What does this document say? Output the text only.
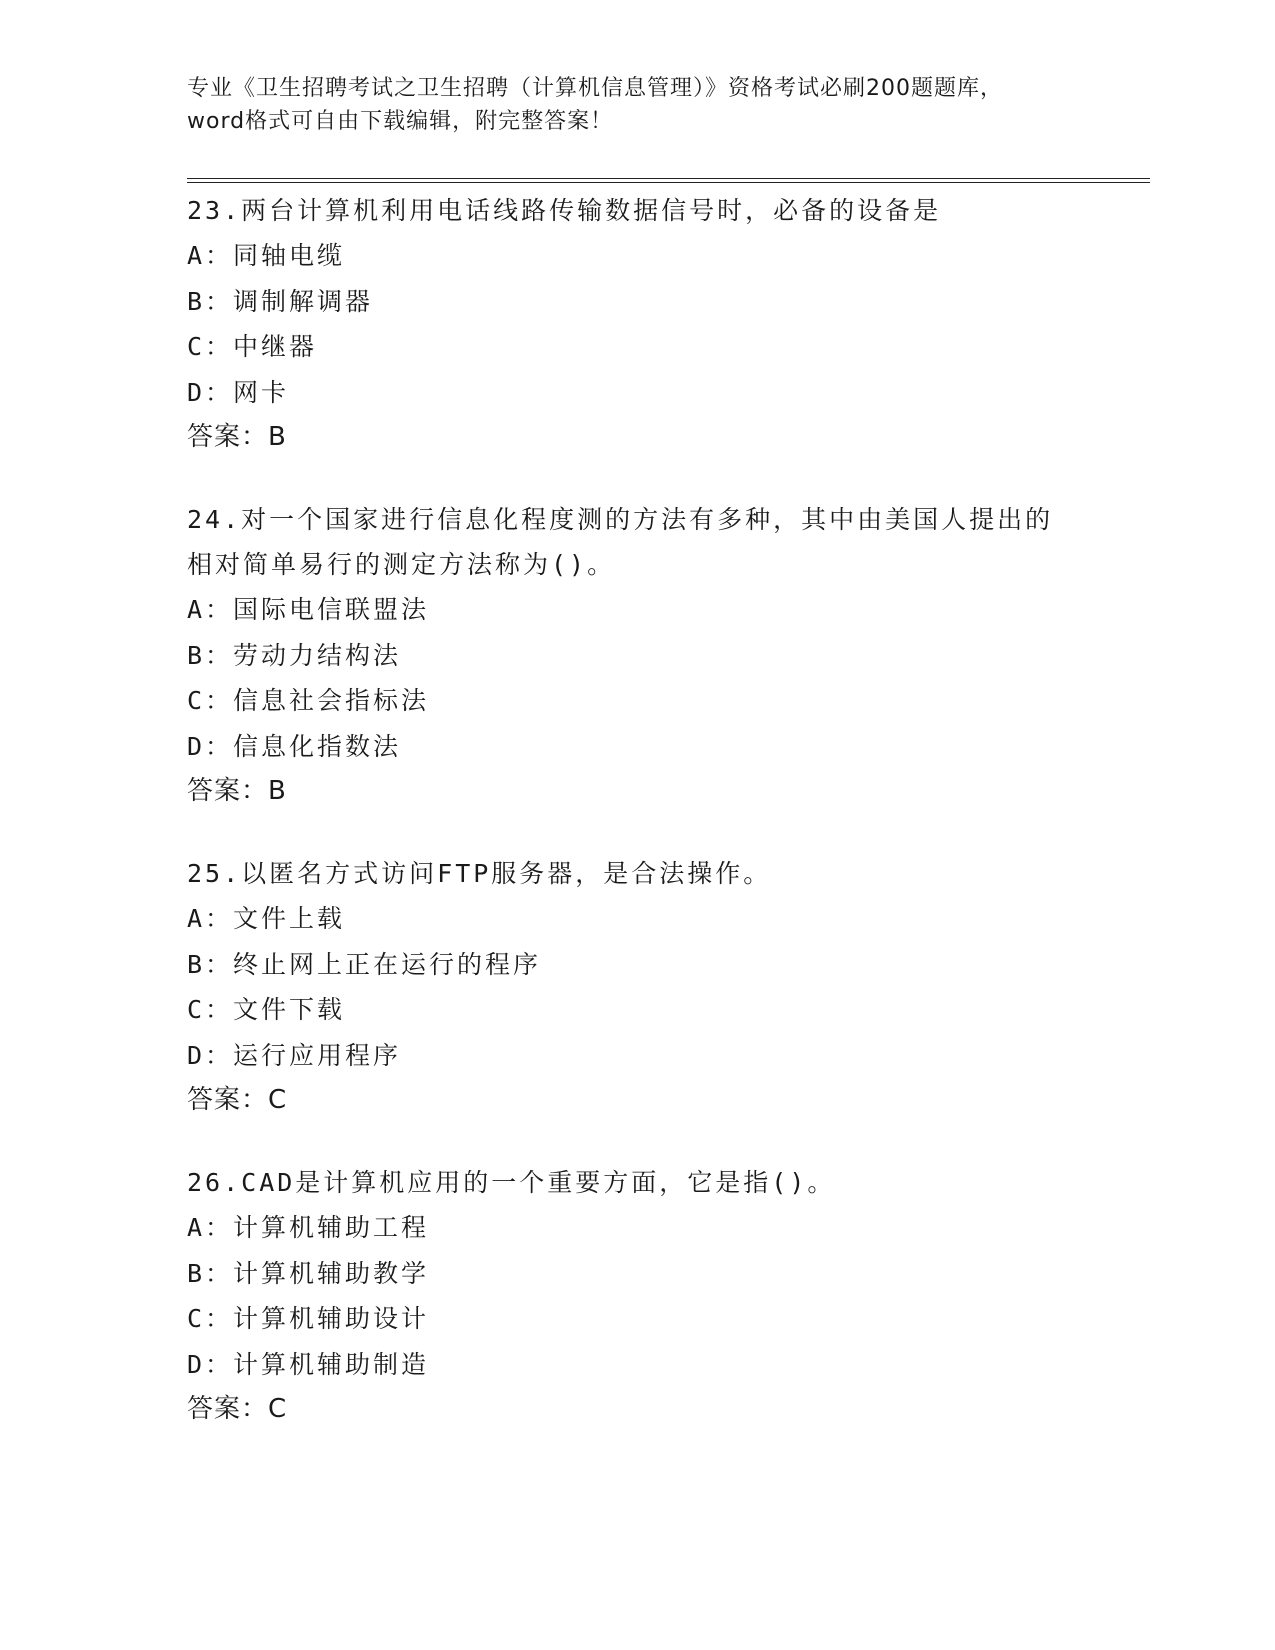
专业《卫生招聘考试之卫生招聘（计算机信息管理）》资格考试必刷200题题库，
word格式可自由下载编辑，附完整答案！
23.两台计算机利用电话线路传输数据信号时，必备的设备是
A：同轴电缆
B：调制解调器
C：中继器
D：网卡
答案：B
24.对一个国家进行信息化程度测的方法有多种，其中由美国人提出的相对简单易行的测定方法称为()。
A：国际电信联盟法
B：劳动力结构法
C：信息社会指标法
D：信息化指数法
答案：B
25.以匿名方式访问FTP服务器，是合法操作。
A：文件上载
B：终止网上正在运行的程序
C：文件下载
D：运行应用程序
答案：C
26.CAD是计算机应用的一个重要方面，它是指()。
A：计算机辅助工程
B：计算机辅助教学
C：计算机辅助设计
D：计算机辅助制造
答案：C
